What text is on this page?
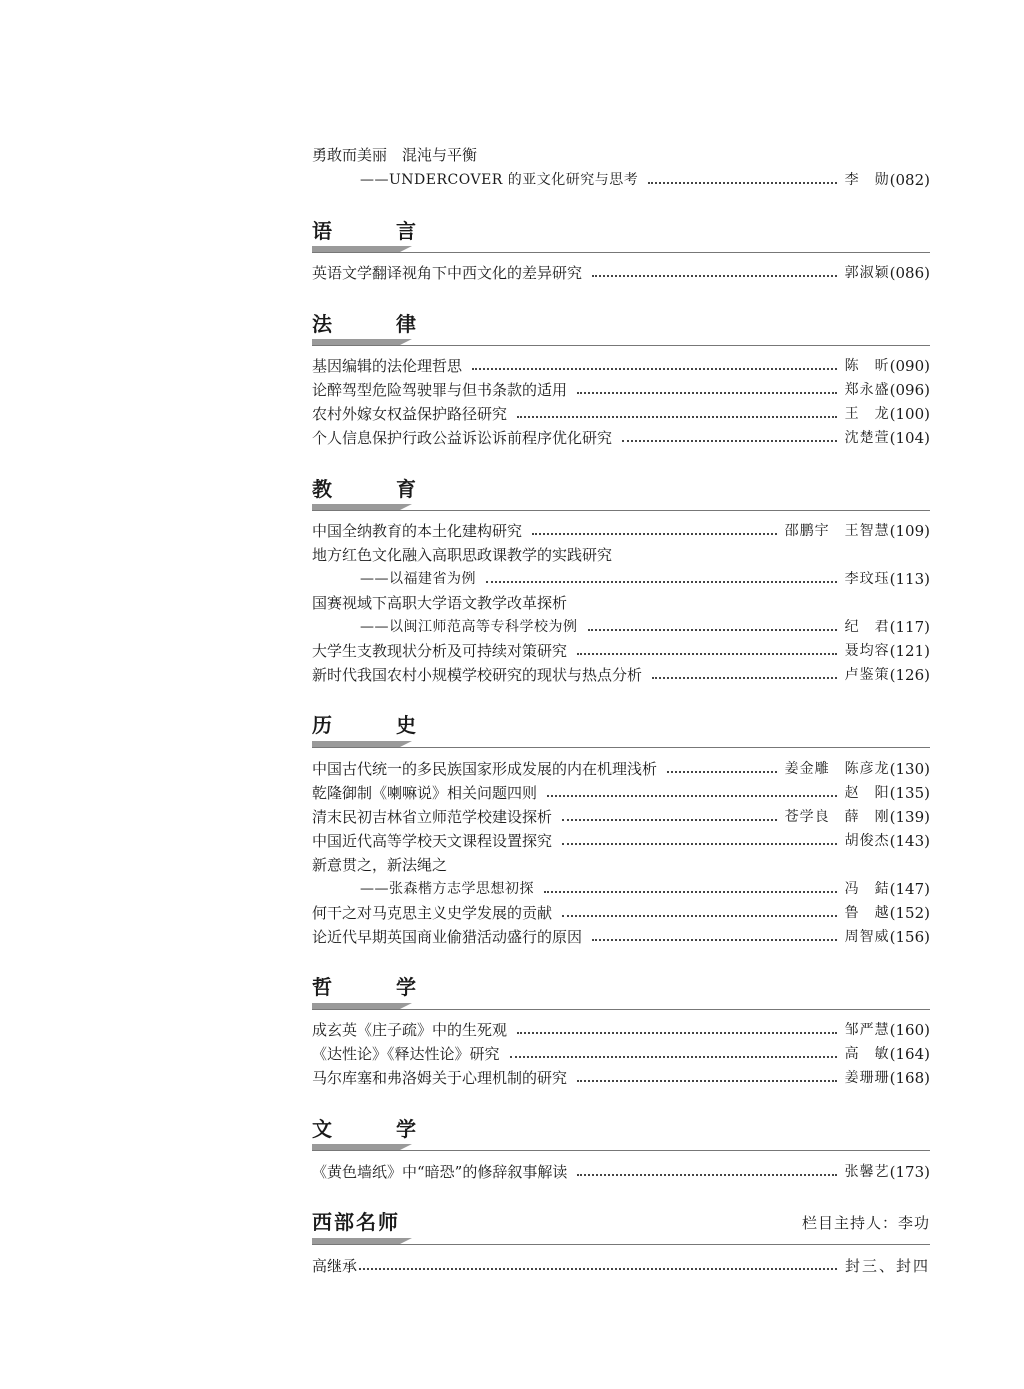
勇敢而美丽　混沌与平衡
——UNDERCOVER 的亚文化研究与思考	李　勋 (082)
语　言
英语文学翻译视角下中西文化的差异研究	郭淑颖 (086)
法　律
基因编辑的法伦理哲思	陈　昕 (090)
论醉驾型危险驾驶罪与但书条款的适用	郑永盛 (096)
农村外嫁女权益保护路径研究	王　龙 (100)
个人信息保护行政公益诉讼诉前程序优化研究	沈楚萱 (104)
教　育
中国全纳教育的本土化建构研究	邵鹏宇　王智慧 (109)
地方红色文化融入高职思政课教学的实践研究
——以福建省为例	李玟珏 (113)
国赛视域下高职大学语文教学改革探析
——以闽江师范高等专科学校为例	纪　君 (117)
大学生支教现状分析及可持续对策研究	聂均容 (121)
新时代我国农村小规模学校研究的现状与热点分析	卢鉴策 (126)
历　史
中国古代统一的多民族国家形成发展的内在机理浅析	姜金雕　陈彦龙 (130)
乾隆御制《喇嘛说》相关问题四则	赵　阳 (135)
清末民初吉林省立师范学校建设探析	苍学良　薛　刚 (139)
中国近代高等学校天文课程设置探究	胡俊杰 (143)
新意贯之，新法绳之
——张森楷方志学思想初探	冯　銡 (147)
何干之对马克思主义史学发展的贡献	鲁　越 (152)
论近代早期英国商业偷猎活动盛行的原因	周智威 (156)
哲　学
成玄英《庄子疏》中的生死观	邹严慧 (160)
《达性论》《释达性论》研究	高　敏 (164)
马尔库塞和弗洛姆关于心理机制的研究	姜珊珊 (168)
文　学
《黄色墙纸》中“暗恐”的修辞叙事解读	张馨艺 (173)
西部名师	栏目主持人：李功
高继承	封三、封四
